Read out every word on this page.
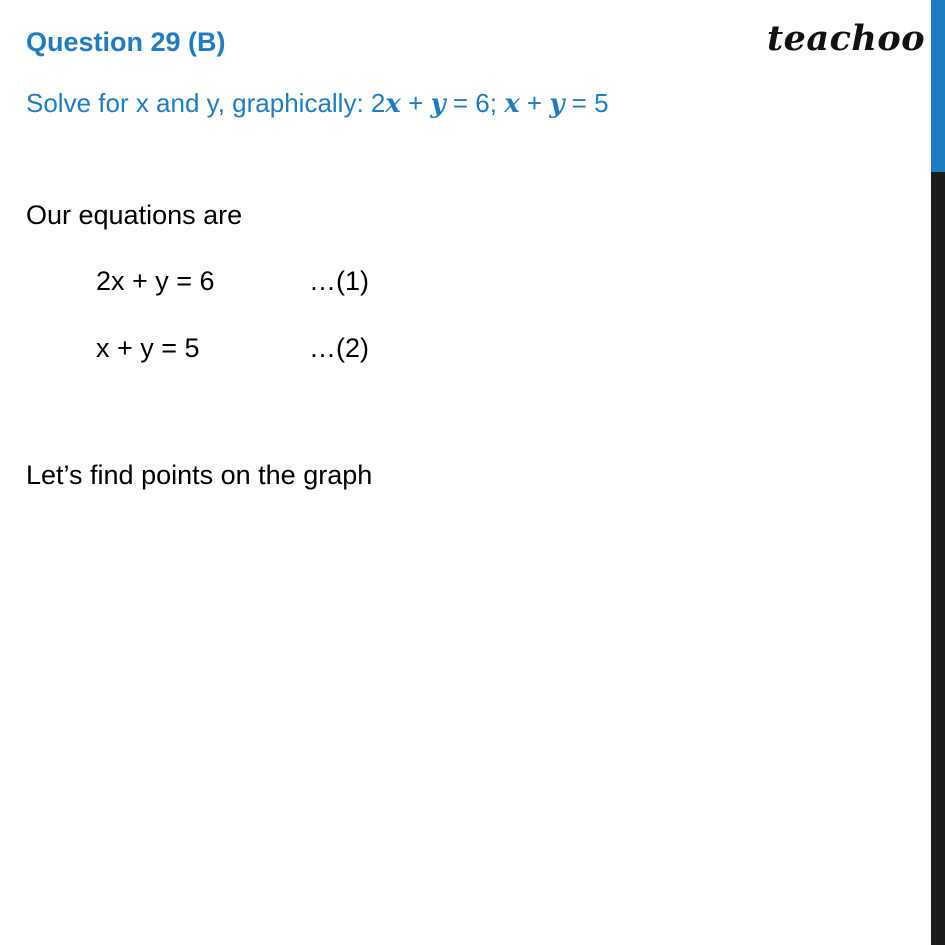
Question 29 (B)	teachoo
Solve for x and y, graphically: 2𝒙 + 𝒚 = 6; 𝒙 + 𝒚 = 5
Our equations are
2x + y = 6	…(1)
x + y = 5	…(2)
Let’s find points on the graph
